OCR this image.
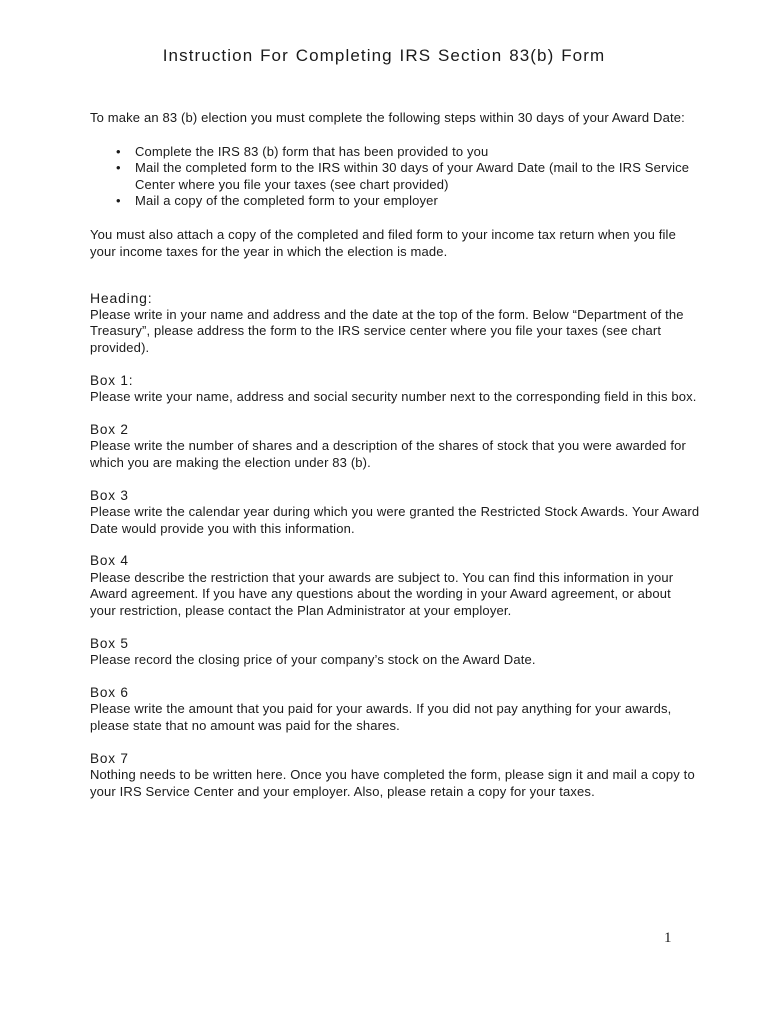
Instruction For Completing IRS Section 83(b) Form

To make an 83 (b) election you must complete the following steps within 30 days of your Award Date:

• Complete the IRS 83 (b) form that has been provided to you
• Mail the completed form to the IRS within 30 days of your Award Date (mail to the IRS Service Center where you file your taxes (see chart provided)
• Mail a copy of the completed form to your employer

You must also attach a copy of the completed and filed form to your income tax return when you file your income taxes for the year in which the election is made.

Heading:

Please write in your name and address and the date at the top of the form. Below “Department of the Treasury”, please address the form to the IRS service center where you file your taxes (see chart provided).

Box 1:

Please write your name, address and social security number next to the corresponding field in this box.

Box 2

Please write the number of shares and a description of the shares of stock that you were awarded for which you are making the election under 83 (b).

Box 3

Please write the calendar year during which you were granted the Restricted Stock Awards. Your Award Date would provide you with this information.

Box 4

Please describe the restriction that your awards are subject to. You can find this information in your Award agreement. If you have any questions about the wording in your Award agreement, or about your restriction, please contact the Plan Administrator at your employer.

Box 5

Please record the closing price of your company’s stock on the Award Date.

Box 6

Please write the amount that you paid for your awards. If you did not pay anything for your awards, please state that no amount was paid for the shares.

Box 7

Nothing needs to be written here. Once you have completed the form, please sign it and mail a copy to your IRS Service Center and your employer. Also, please retain a copy for your taxes.

1
